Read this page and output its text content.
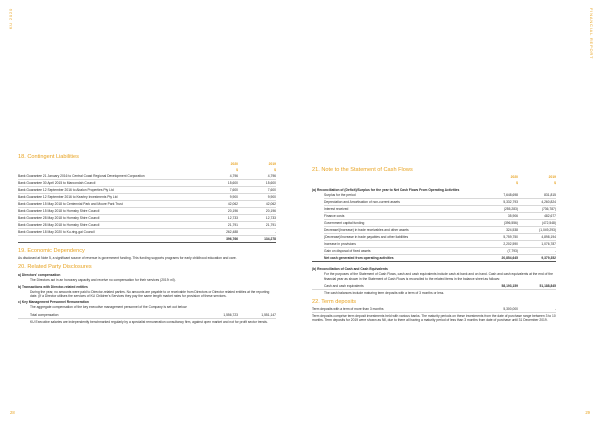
KU 2020	FINANCIAL REPORT
18. Contingent Liabilities
2020	2019
$	$
Bank Guarantee 21 January 2016 to Central Coast Regional Development Corporation	4,796	4,796
Bank Guarantee 30 April 2015 to Maroondah Council	15,600	15,600
Bank Guarantee 12 September 2016 to Abalon Properties Pty Ltd	7,600	7,600
Bank Guarantee 12 September 2016 to Kearley Investments Pty Ltd	9,900	9,900
Bank Guarantee 15 May 2018 to Centennial Park and Moore Park Trust	42,062	42,062
Bank Guarantee 15 May 2018 to Hornsby Shire Council	20,196	20,196
Bank Guarantee 28 May 2018 to Hornsby Shire Council	12,733	12,733
Bank Guarantee 28 May 2018 to Hornsby Shire Council	21,791	21,791
Bank Guarantee 18 May 2020 to Ku-ring-gai Council	262,488	-
396,766	134,278
19. Economic Dependency

As disclosed at Note 5, a significant source of revenue is government funding. This funding supports programs for early childhood education and care.

20. Related Party Disclosures
a) Directors' compensation

The Directors act in an honorary capacity and receive no compensation for their services (2019: nil).

b) Transactions with Director-related entities

During the year, no amounts were paid to Director-related parties. No amounts are payable to or receivable from Directors or Director related entities at the reporting date. (If a Director utilises the services of KU Children's Services they pay the same length market rates for provision of these services.

c) Key Management Personnel Remuneration

The aggregate compensation of the key executive management personnel of the Company is set out below:

Total compensation	1,556,723	1,551,147

KU Executive salaries are independently benchmarked regularly by a specialist remuneration consultancy firm, against open market and not for profit sector trends.

21. Note to the Statement of Cash Flows
2020	2019
$	$
(a) Reconciliation of (Deficit)/Surplus for the year to Net Cash Flows From Operating Activities
Surplus for the period	7,648,698	831,815
Depreciation and Amortisation of non-current assets	5,332,793	4,260,824
Interest received	(255,283)	(736,787)
Finance costs	35,906	482,677
Government capital funding	(396,556)	(472,548)
Decrease/(Increase) in trade receivables and other assets	324,538	(1,049,293)
(Decrease)/Increase in trade payables and other liabilities	5,759,750	4,898,194
Increase in provisions	2,202,590	1,076,787
Gain on disposal of fixed assets	(7,793)	-
Net cash generated from operating activities	20,854,645	9,379,352
(b) Reconciliation of Cash and Cash Equivalents

For the purposes of the Statement of Cash Flows, cash and cash equivalents include cash at bank and on hand. Cash and cash equivalents at the end of the financial year as shown in the Statement of Cash Flows is reconciled to the related items in the balance sheet as follows:

Cash and cash equivalents	58,193,159	51,188,845

The cash balances include maturing term deposits with a term of 3 months or less.

22. Term deposits
Term deposits with a term of more than 3 months	5,300,000	-

Term deposits comprise term deposit investments held with various banks. The maturity periods on these investments from the date of purchase range between 3 to 10 months. Term deposits for 2019 were shown as Nil, due to there all having a maturity period of less than 3 months from date of purchase until 31 December 2019.

28	29
